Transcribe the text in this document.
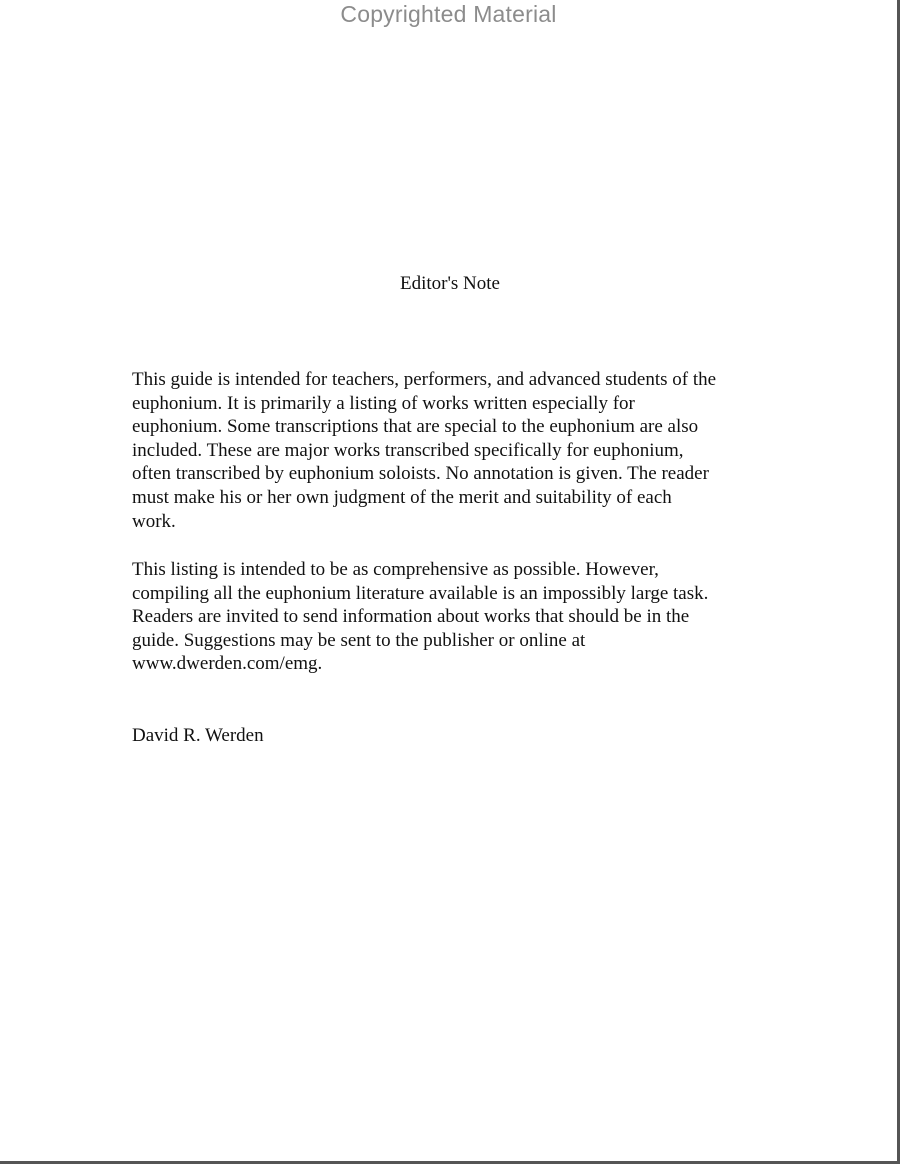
Copyrighted Material
Editor's Note

This guide is intended for teachers, performers, and advanced students of the
euphonium. It is primarily a listing of works written especially for
euphonium. Some transcriptions that are special to the euphonium are also
included. These are major works transcribed specifically for euphonium,
often transcribed by euphonium soloists. No annotation is given. The reader
must make his or her own judgment of the merit and suitability of each
work.

This listing is intended to be as comprehensive as possible. However,
compiling all the euphonium literature available is an impossibly large task.
Readers are invited to send information about works that should be in the
guide. Suggestions may be sent to the publisher or online at
www.dwerden.com/emg.

David R. Werden
